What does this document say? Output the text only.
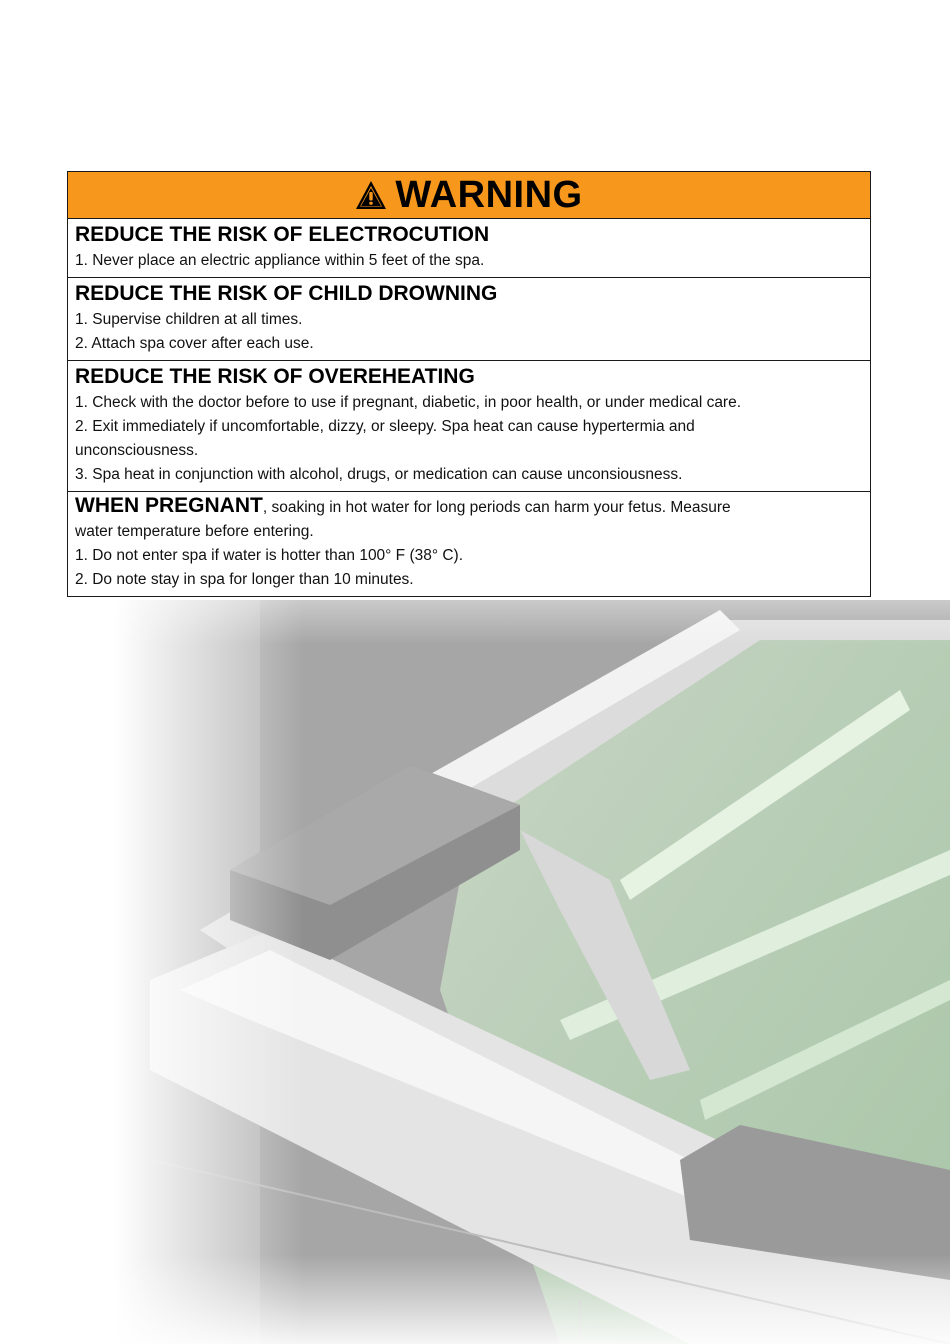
WARNING
REDUCE THE RISK OF ELECTROCUTION
1. Never place an electric appliance within 5 feet of the spa.
REDUCE THE RISK OF CHILD DROWNING
1. Supervise children at all times.
2. Attach spa cover after each use.
REDUCE THE RISK OF OVEREHEATING
1. Check with the doctor before to use if pregnant, diabetic, in poor health, or under medical care.
2. Exit immediately if uncomfortable, dizzy, or sleepy. Spa heat can cause hypertermia and
unconsciousness.
3. Spa heat in conjunction with alcohol, drugs, or medication can cause unconsiousness.
WHEN PREGNANT, soaking in hot water for long periods can harm your fetus. Measure
water temperature before entering.
1. Do not enter spa if water is hotter than 100° F (38° C).
2. Do note stay in spa for longer than 10 minutes.
